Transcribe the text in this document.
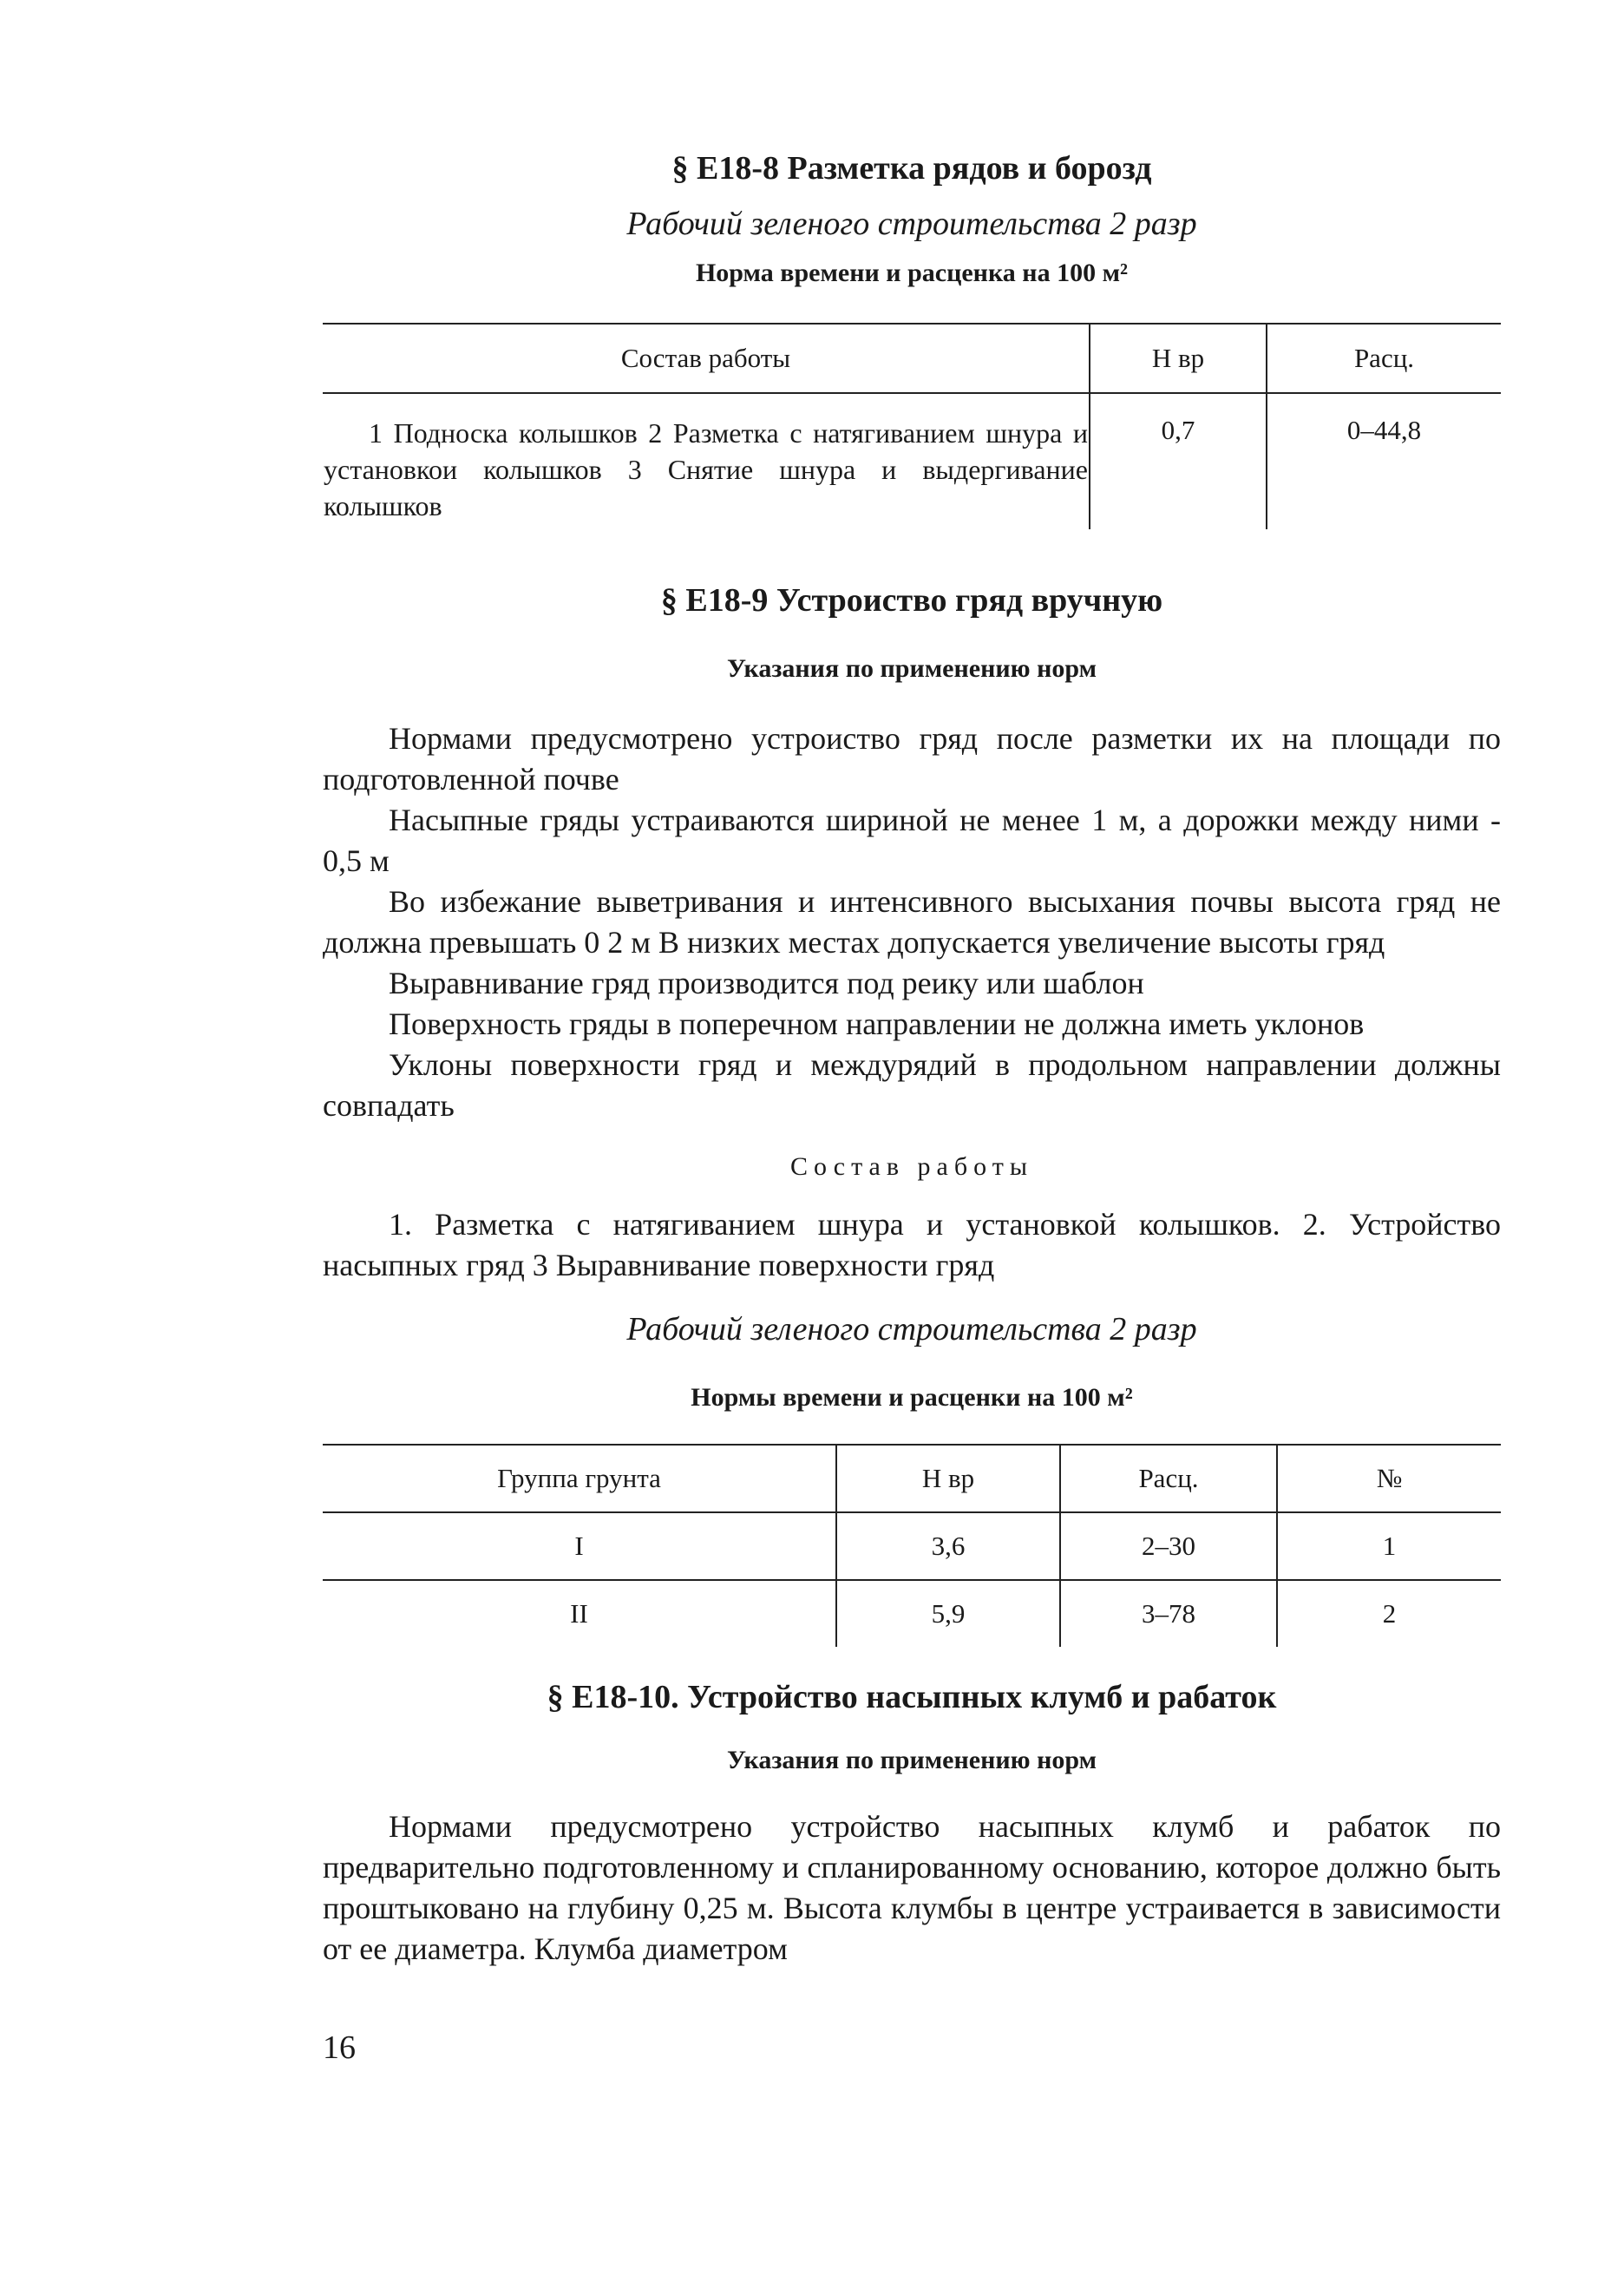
§ Е18-8 Разметка рядов и борозд
Рабочий зеленого строительства 2 разр
Норма времени и расценка на 100 м²
Состав работы	Н вр	Расц.
1 Подноска колышков 2 Разметка с натягиванием шнура и установкои колышков 3 Снятие шнура и выдергивание колышков	0,7	0–44,8
§ Е18-9 Устроиство гряд вручную
Указания по применению норм

Нормами предусмотрено устроиство гряд после разметки их на площади по подготовленной почве

Насыпные гряды устраиваются шириной не менее 1 м, а дорожки между ними - 0,5 м

Во избежание выветривания и интенсивного высыхания почвы высота гряд не должна превышать 0 2 м В низких местах допускается увеличение высоты гряд

Выравнивание гряд производится под реику или шаблон

Поверхность гряды в поперечном направлении не должна иметь уклонов

Уклоны поверхности гряд и междурядий в продольном направлении должны совпадать

Состав работы

1. Разметка с натягиванием шнура и установкой колышков. 2. Устройство насыпных гряд 3 Выравнивание поверхности гряд

Рабочий зеленого строительства 2 разр
Нормы времени и расценки на 100 м²
Группа грунта	Н вр	Расц.	№
I	3,6	2–30	1
II	5,9	3–78	2
§ Е18-10. Устройство насыпных клумб и рабаток
Указания по применению норм

Нормами предусмотрено устройство насыпных клумб и рабаток по предварительно подготовленному и спланированному основанию, которое должно быть проштыковано на глубину 0,25 м. Высота клумбы в центре устраивается в зависимости от ее диаметра. Клумба диаметром

16
